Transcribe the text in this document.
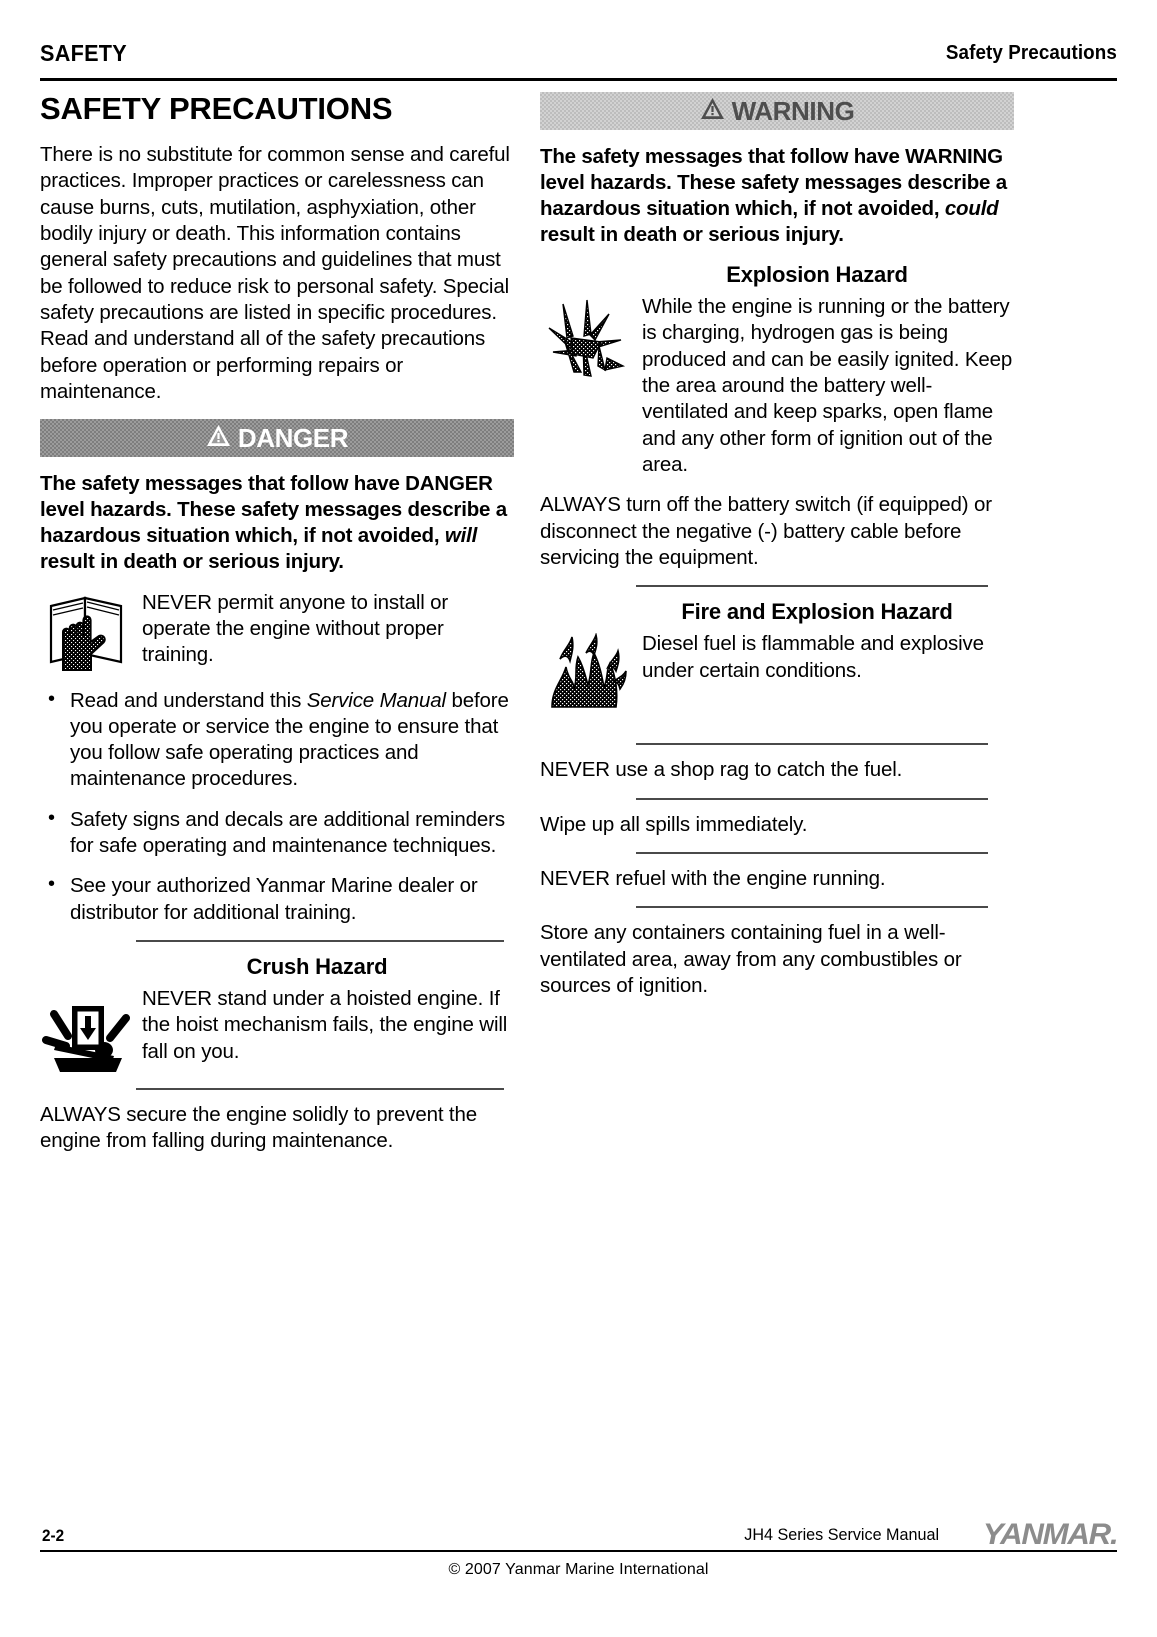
SAFETY	Safety Precautions
SAFETY PRECAUTIONS

There is no substitute for common sense and careful practices. Improper practices or carelessness can cause burns, cuts, mutilation, asphyxiation, other bodily injury or death. This information contains general safety precautions and guidelines that must be followed to reduce risk to personal safety. Special safety precautions are listed in specific procedures. Read and understand all of the safety precautions before operation or performing repairs or maintenance.

DANGER

The safety messages that follow have DANGER level hazards. These safety messages describe a hazardous situation which, if not avoided, will result in death or serious injury.

NEVER permit anyone to install or operate the engine without proper training.
• Read and understand this Service Manual before you operate or service the engine to ensure that you follow safe operating practices and maintenance procedures.
• Safety signs and decals are additional reminders for safe operating and maintenance techniques.
• See your authorized Yanmar Marine dealer or distributor for additional training.
Crush Hazard
NEVER stand under a hoisted engine. If the hoist mechanism fails, the engine will fall on you.

ALWAYS secure the engine solidly to prevent the engine from falling during maintenance.

WARNING

The safety messages that follow have WARNING level hazards. These safety messages describe a hazardous situation which, if not avoided, could result in death or serious injury.

Explosion Hazard
While the engine is running or the battery is charging, hydrogen gas is being produced and can be easily ignited. Keep the area around the battery well-ventilated and keep sparks, open flame and any other form of ignition out of the area.

ALWAYS turn off the battery switch (if equipped) or disconnect the negative (-) battery cable before servicing the equipment.

Fire and Explosion Hazard
Diesel fuel is flammable and explosive under certain conditions.

NEVER use a shop rag to catch the fuel.

Wipe up all spills immediately.

NEVER refuel with the engine running.

Store any containers containing fuel in a well-ventilated area, away from any combustibles or sources of ignition.

2-2	JH4 Series Service Manual YANMAR.
© 2007 Yanmar Marine International
